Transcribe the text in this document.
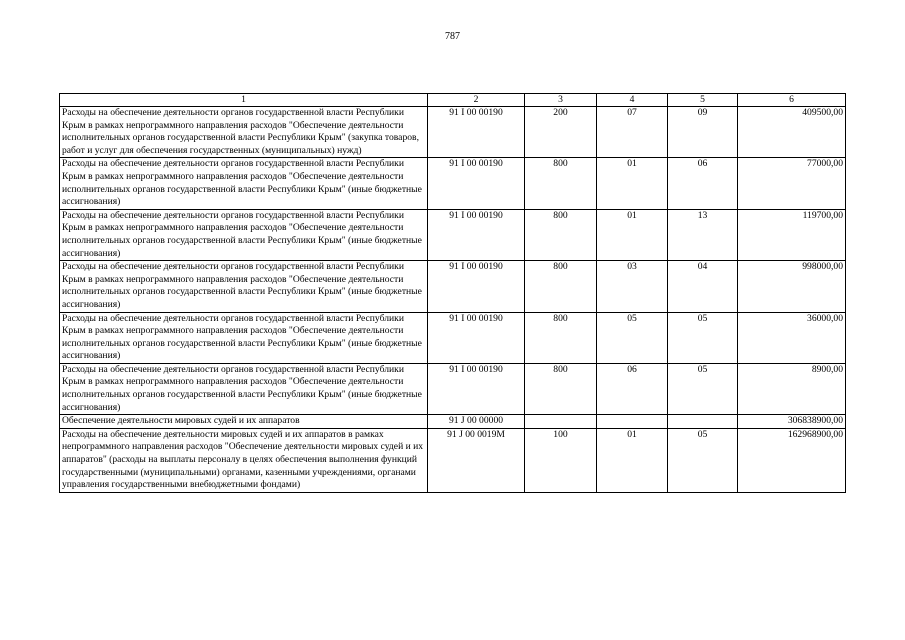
787
1	2	3	4	5	6
Расходы на обеспечение деятельности органов государственной власти Республики Крым в рамках непрограммного направления расходов "Обеспечение деятельности исполнительных органов государственной власти Республики Крым" (закупка товаров, работ и услуг для обеспечения государственных (муниципальных) нужд)	91 I 00 00190	200	07	09	409500,00
Расходы на обеспечение деятельности органов государственной власти Республики Крым в рамках непрограммного направления расходов "Обеспечение деятельности исполнительных органов государственной власти Республики Крым" (иные бюджетные ассигнования)	91 I 00 00190	800	01	06	77000,00
Расходы на обеспечение деятельности органов государственной власти Республики Крым в рамках непрограммного направления расходов "Обеспечение деятельности исполнительных органов государственной власти Республики Крым" (иные бюджетные ассигнования)	91 I 00 00190	800	01	13	119700,00
Расходы на обеспечение деятельности органов государственной власти Республики Крым в рамках непрограммного направления расходов "Обеспечение деятельности исполнительных органов государственной власти Республики Крым" (иные бюджетные ассигнования)	91 I 00 00190	800	03	04	998000,00
Расходы на обеспечение деятельности органов государственной власти Республики Крым в рамках непрограммного направления расходов "Обеспечение деятельности исполнительных органов государственной власти Республики Крым" (иные бюджетные ассигнования)	91 I 00 00190	800	05	05	36000,00
Расходы на обеспечение деятельности органов государственной власти Республики Крым в рамках непрограммного направления расходов "Обеспечение деятельности исполнительных органов государственной власти Республики Крым" (иные бюджетные ассигнования)	91 I 00 00190	800	06	05	8900,00
Обеспечение деятельности мировых судей и их аппаратов	91 J 00 00000				306838900,00
Расходы на обеспечение деятельности мировых судей и их аппаратов в рамках непрограммного направления расходов "Обеспечение деятельности мировых судей и их аппаратов" (расходы на выплаты персоналу в целях обеспечения выполнения функций государственными (муниципальными) органами, казенными учреждениями, органами управления государственными внебюджетными фондами)	91 J 00 0019M	100	01	05	162968900,00
